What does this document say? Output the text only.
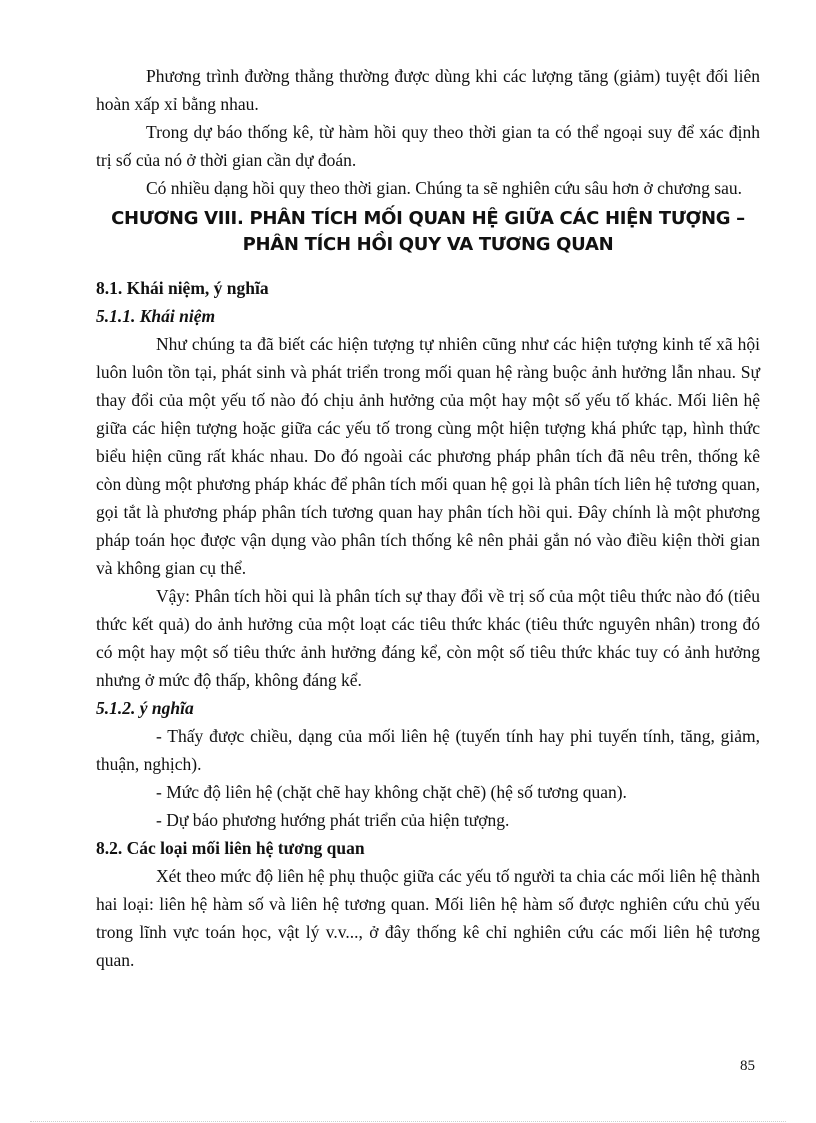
Phương trình đường thẳng thường được dùng khi các lượng tăng (giảm) tuyệt đối liên hoàn xấp xỉ bằng nhau.

Trong dự báo thống kê, từ hàm hồi quy theo thời gian ta có thể ngoại suy để xác định trị số của nó ở thời gian cần dự đoán.

Có nhiều dạng hồi quy theo thời gian. Chúng ta sẽ nghiên cứu sâu hơn ở chương sau.

CHƯƠNG VIII. PHÂN TÍCH MỐI QUAN HỆ GIỮA CÁC HIỆN TƯỢNG –
PHÂN TÍCH HỒI QUY VA TƯƠNG QUAN
8.1. Khái niệm, ý nghĩa
5.1.1. Khái niệm

Như chúng ta đã biết các hiện tượng tự nhiên cũng như các hiện tượng kinh tế xã hội luôn luôn tồn tại, phát sinh và phát triển trong mối quan hệ ràng buộc ảnh hưởng lẫn nhau. Sự thay đổi của một yếu tố nào đó chịu ảnh hưởng của một hay một số yếu tố khác. Mối liên hệ giữa các hiện tượng hoặc giữa các yếu tố trong cùng một hiện tượng khá phức tạp, hình thức biểu hiện cũng rất khác nhau. Do đó ngoài các phương pháp phân tích đã nêu trên, thống kê còn dùng một phương pháp khác để phân tích mối quan hệ gọi là phân tích liên hệ tương quan, gọi tắt là phương pháp phân tích tương quan hay phân tích hồi qui. Đây chính là một phương pháp toán học được vận dụng vào phân tích thống kê nên phải gắn nó vào điều kiện thời gian và không gian cụ thể.

Vậy: Phân tích hồi qui là phân tích sự thay đổi về trị số của một tiêu thức nào đó (tiêu thức kết quả) do ảnh hưởng của một loạt các tiêu thức khác (tiêu thức nguyên nhân) trong đó có một hay một số tiêu thức ảnh hưởng đáng kể, còn một số tiêu thức khác tuy có ảnh hưởng nhưng ở mức độ thấp, không đáng kể.

5.1.2. ý nghĩa

- Thấy được chiều, dạng của mối liên hệ (tuyến tính hay phi tuyến tính, tăng, giảm, thuận, nghịch).

- Mức độ liên hệ (chặt chẽ hay không chặt chẽ) (hệ số tương quan).

- Dự báo phương hướng phát triển của hiện tượng.

8.2. Các loại mối liên hệ tương quan

Xét theo mức độ liên hệ phụ thuộc giữa các yếu tố người ta chia các mối liên hệ thành hai loại: liên hệ hàm số và liên hệ tương quan. Mối liên hệ hàm số được nghiên cứu chủ yếu trong lĩnh vực toán học, vật lý v.v..., ở đây thống kê chỉ nghiên cứu các mối liên hệ tương quan.

85
